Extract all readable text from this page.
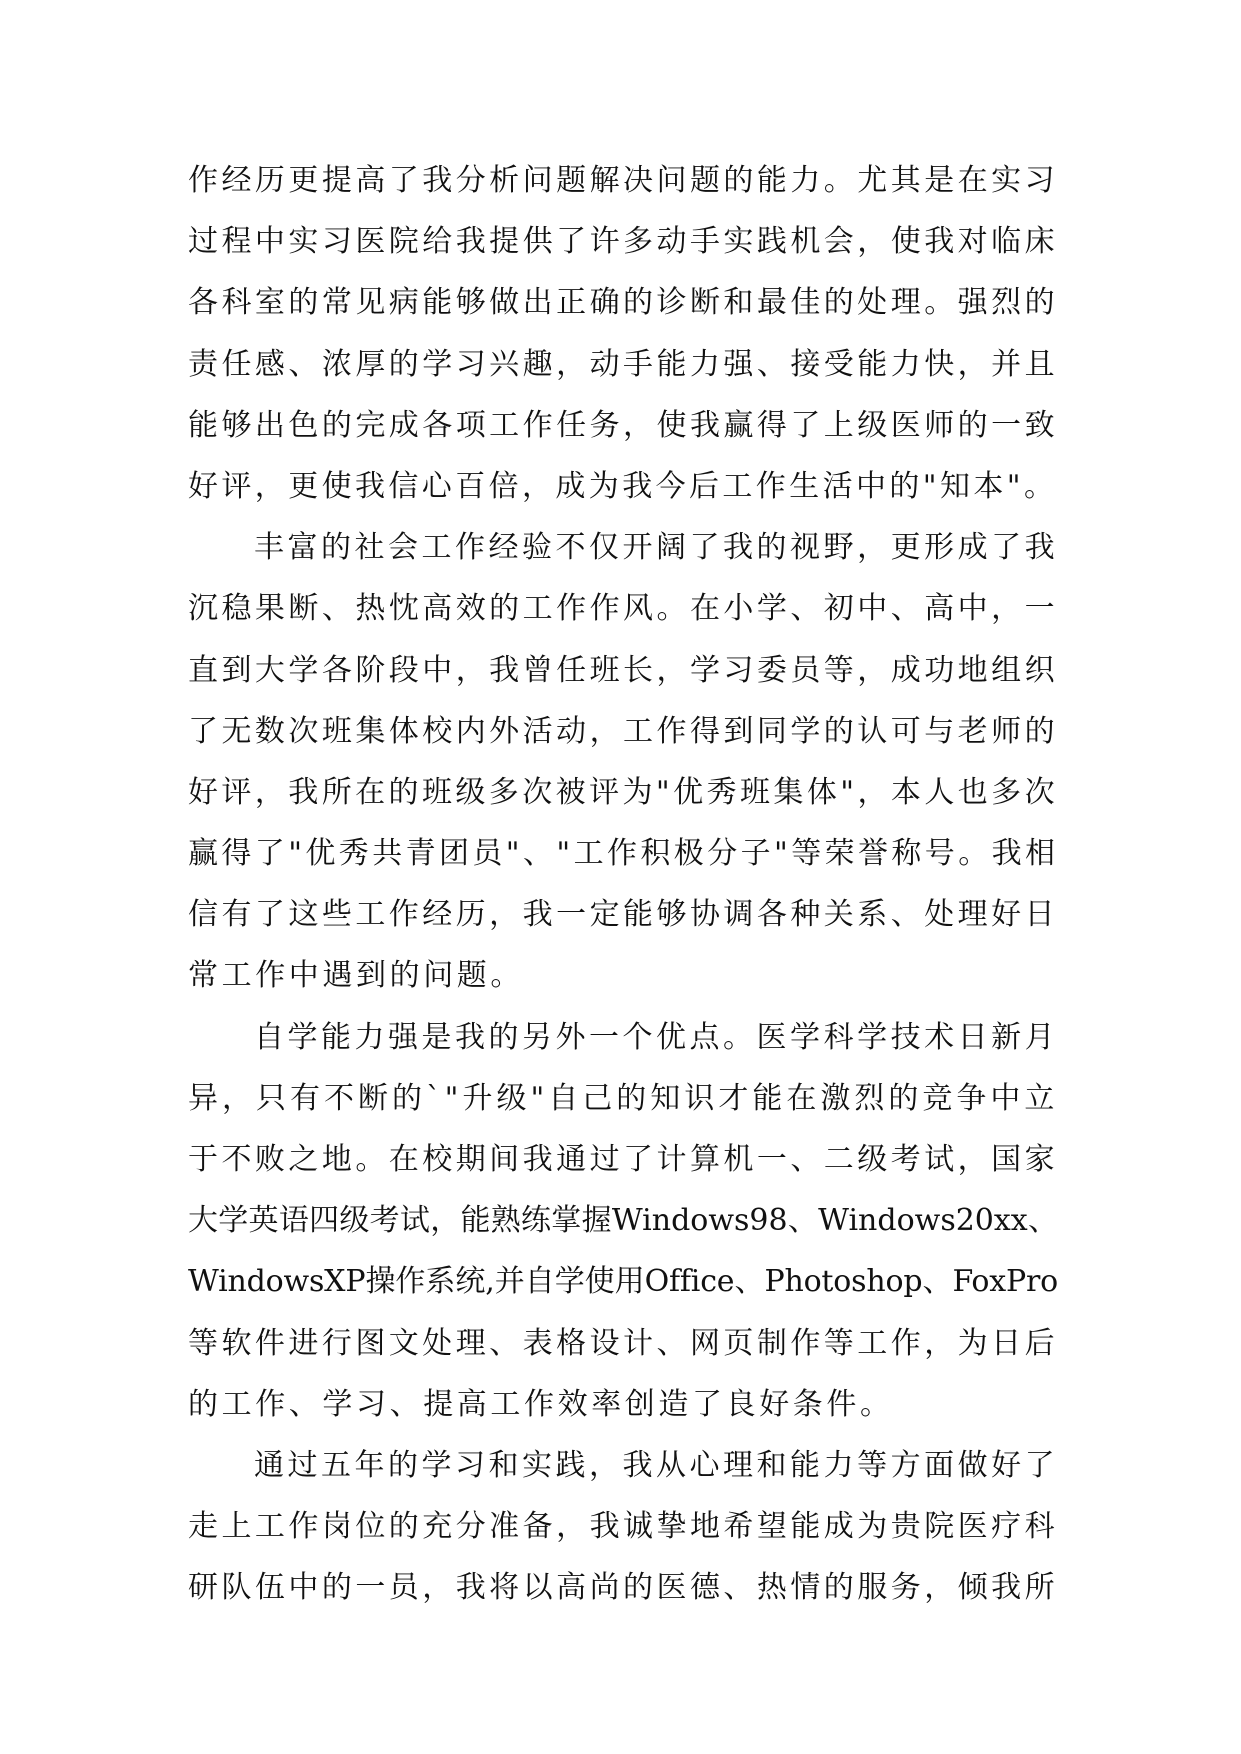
作经历更提高了我分析问题解决问题的能力。尤其是在实习
过程中实习医院给我提供了许多动手实践机会，使我对临床
各科室的常见病能够做出正确的诊断和最佳的处理。强烈的
责任感、浓厚的学习兴趣，动手能力强、接受能力快，并且
能够出色的完成各项工作任务，使我赢得了上级医师的一致
好评，更使我信心百倍，成为我今后工作生活中的"知本"。
丰富的社会工作经验不仅开阔了我的视野，更形成了我
沉稳果断、热忱高效的工作作风。在小学、初中、高中，一
直到大学各阶段中，我曾任班长，学习委员等，成功地组织
了无数次班集体校内外活动，工作得到同学的认可与老师的
好评，我所在的班级多次被评为"优秀班集体"，本人也多次
赢得了"优秀共青团员"、"工作积极分子"等荣誉称号。我相
信有了这些工作经历，我一定能够协调各种关系、处理好日
常工作中遇到的问题。
自学能力强是我的另外一个优点。医学科学技术日新月
异，只有不断的`"升级"自己的知识才能在激烈的竞争中立
于不败之地。在校期间我通过了计算机一、二级考试，国家
大学英语四级考试，能熟练掌握Windows98、Windows20xx、
WindowsXP操作系统,并自学使用Office、Photoshop、FoxPro
等软件进行图文处理、表格设计、网页制作等工作，为日后
的工作、学习、提高工作效率创造了良好条件。
通过五年的学习和实践，我从心理和能力等方面做好了
走上工作岗位的充分准备，我诚挚地希望能成为贵院医疗科
研队伍中的一员，我将以高尚的医德、热情的服务，倾我所
